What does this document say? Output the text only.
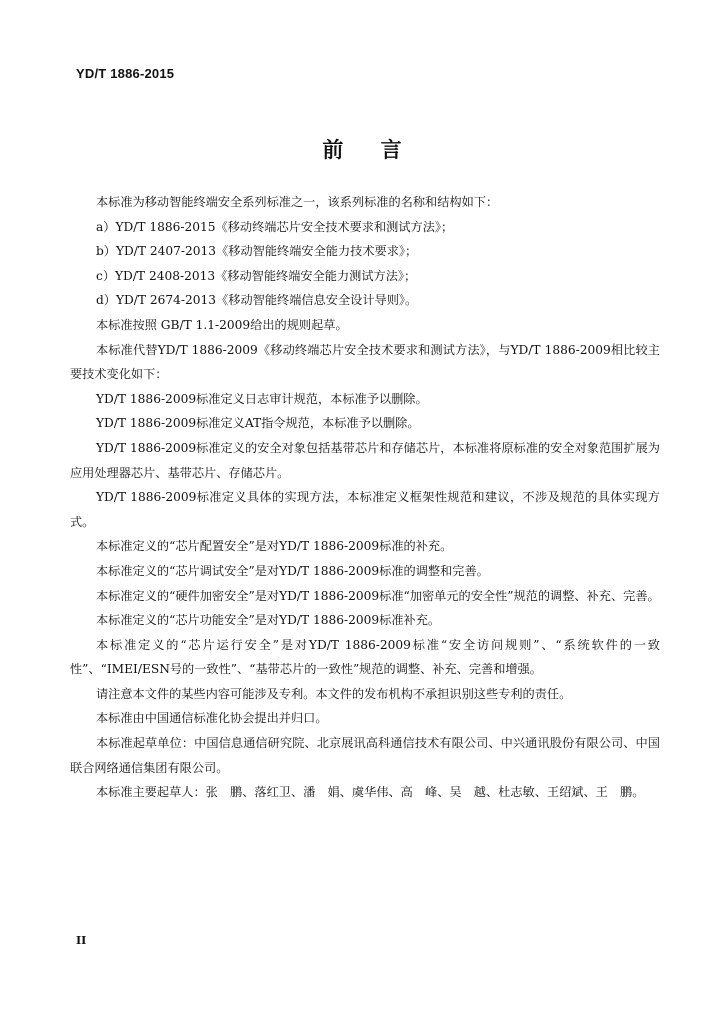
YD/T 1886-2015
前 言

本标准为移动智能终端安全系列标准之一，该系列标准的名称和结构如下：

a）YD/T 1886-2015《移动终端芯片安全技术要求和测试方法》；

b）YD/T 2407-2013《移动智能终端安全能力技术要求》；

c）YD/T 2408-2013《移动智能终端安全能力测试方法》；

d）YD/T 2674-2013《移动智能终端信息安全设计导则》。

本标准按照 GB/T 1.1-2009给出的规则起草。

本标准代替YD/T 1886-2009《移动终端芯片安全技术要求和测试方法》，与YD/T 1886-2009相比较主要技术变化如下：

YD/T 1886-2009标准定义日志审计规范，本标准予以删除。

YD/T 1886-2009标准定义AT指令规范，本标准予以删除。

YD/T 1886-2009标准定义的安全对象包括基带芯片和存储芯片，本标准将原标准的安全对象范围扩展为应用处理器芯片、基带芯片、存储芯片。

YD/T 1886-2009标准定义具体的实现方法，本标准定义框架性规范和建议，不涉及规范的具体实现方式。

本标准定义的“芯片配置安全”是对YD/T 1886-2009标准的补充。

本标准定义的“芯片调试安全”是对YD/T 1886-2009标准的调整和完善。

本标准定义的“硬件加密安全”是对YD/T 1886-2009标准“加密单元的安全性”规范的调整、补充、完善。

本标准定义的“芯片功能安全”是对YD/T 1886-2009标准补充。

本标准定义的“芯片运行安全”是对YD/T 1886-2009标准“安全访问规则”、“系统软件的一致性”、“IMEI/ESN号的一致性”、“基带芯片的一致性”规范的调整、补充、完善和增强。

请注意本文件的某些内容可能涉及专利。本文件的发布机构不承担识别这些专利的责任。

本标准由中国通信标准化协会提出并归口。

本标准起草单位：中国信息通信研究院、北京展讯高科通信技术有限公司、中兴通讯股份有限公司、中国联合网络通信集团有限公司。

本标准主要起草人：张　鹏、落红卫、潘　娟、虞华伟、高　峰、吴　越、杜志敏、王绍斌、王　鹏。

II
